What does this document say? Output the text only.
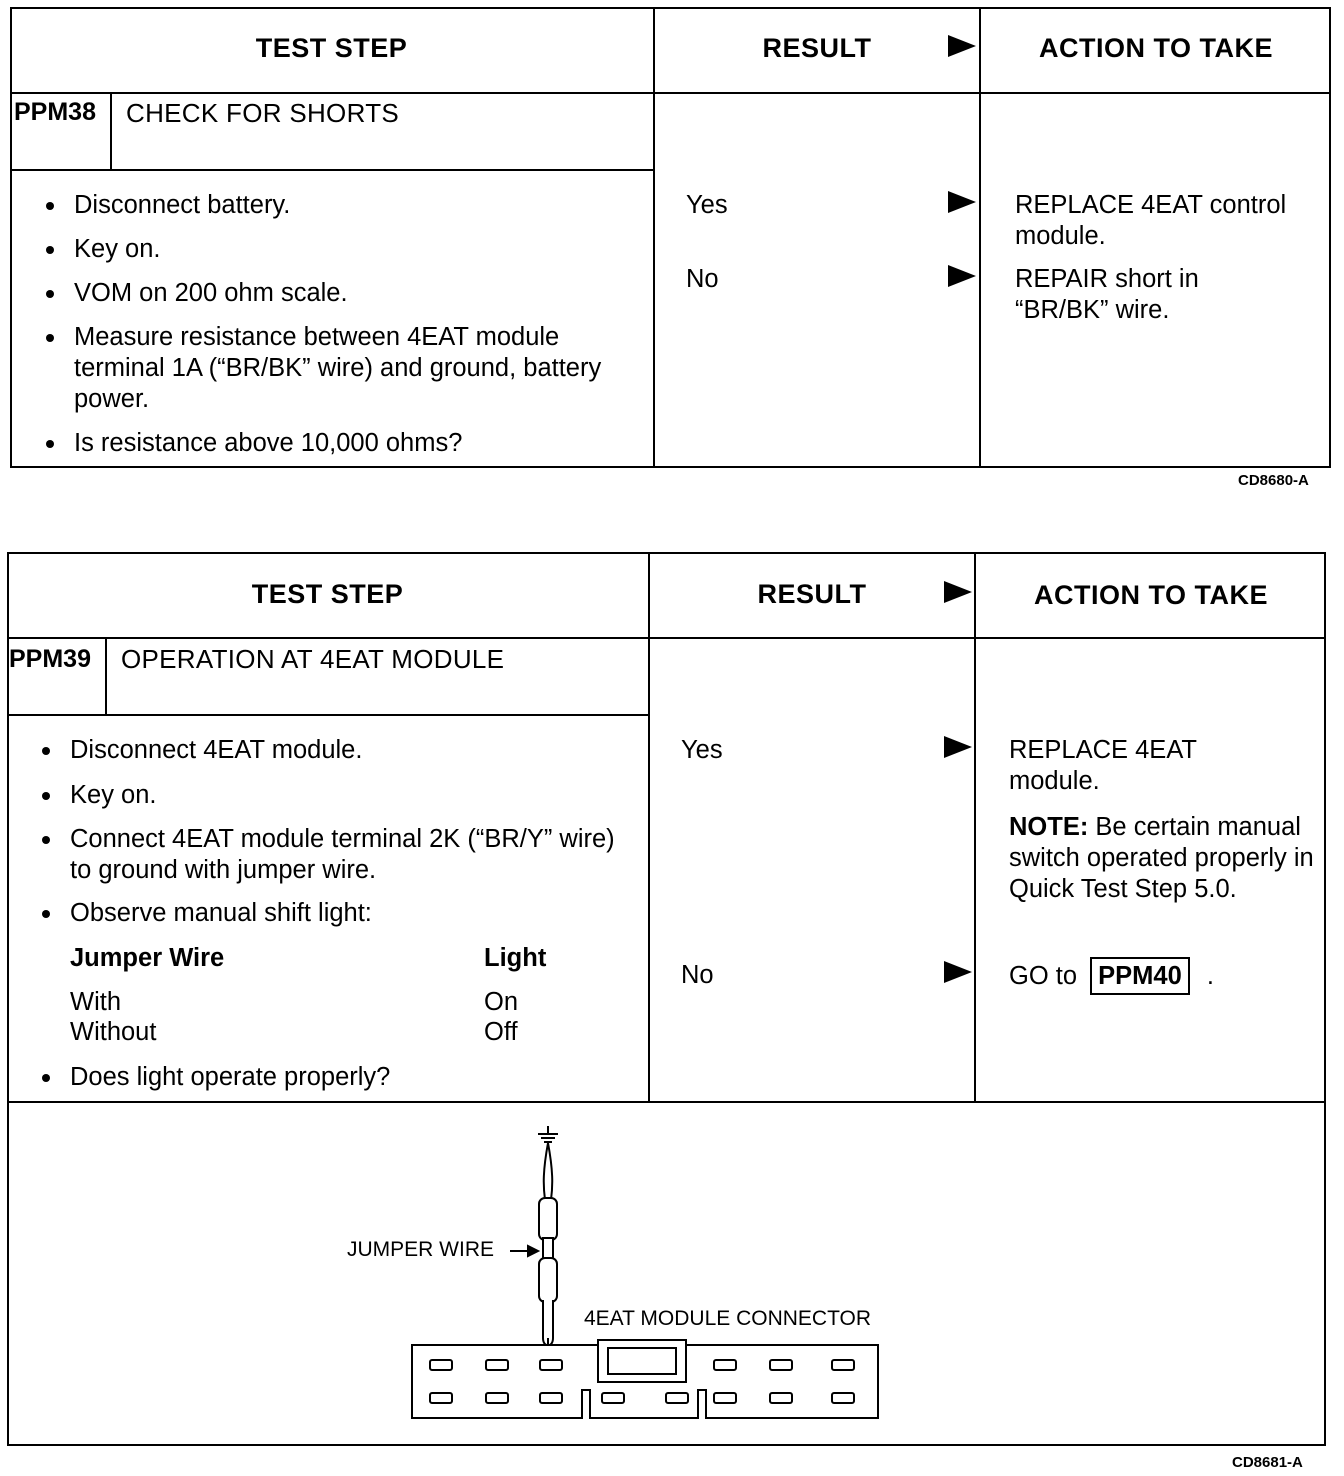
TEST STEP	RESULT	ACTION TO TAKE
PPM38 CHECK FOR SHORTS
Disconnect battery.
Key on.
VOM on 200 ohm scale.
Measure resistance between 4EAT module terminal 1A (“BR/BK” wire) and ground, battery power.
Is resistance above 10,000 ohms?
Yes	REPLACE 4EAT control module.
No	REPAIR short in “BR/BK” wire.
CD8680-A
TEST STEP	RESULT	ACTION TO TAKE
PPM39 OPERATION AT 4EAT MODULE
Disconnect 4EAT module.
Key on.
Connect 4EAT module terminal 2K (“BR/Y” wire) to ground with jumper wire.
Observe manual shift light:
Jumper Wire	Light
With	On
Without	Off
Does light operate properly?
Yes	REPLACE 4EAT module.
NOTE: Be certain manual switch operated properly in Quick Test Step 5.0.
No	GO to PPM40 .
JUMPER WIRE
4EAT MODULE CONNECTOR
CD8681-A
